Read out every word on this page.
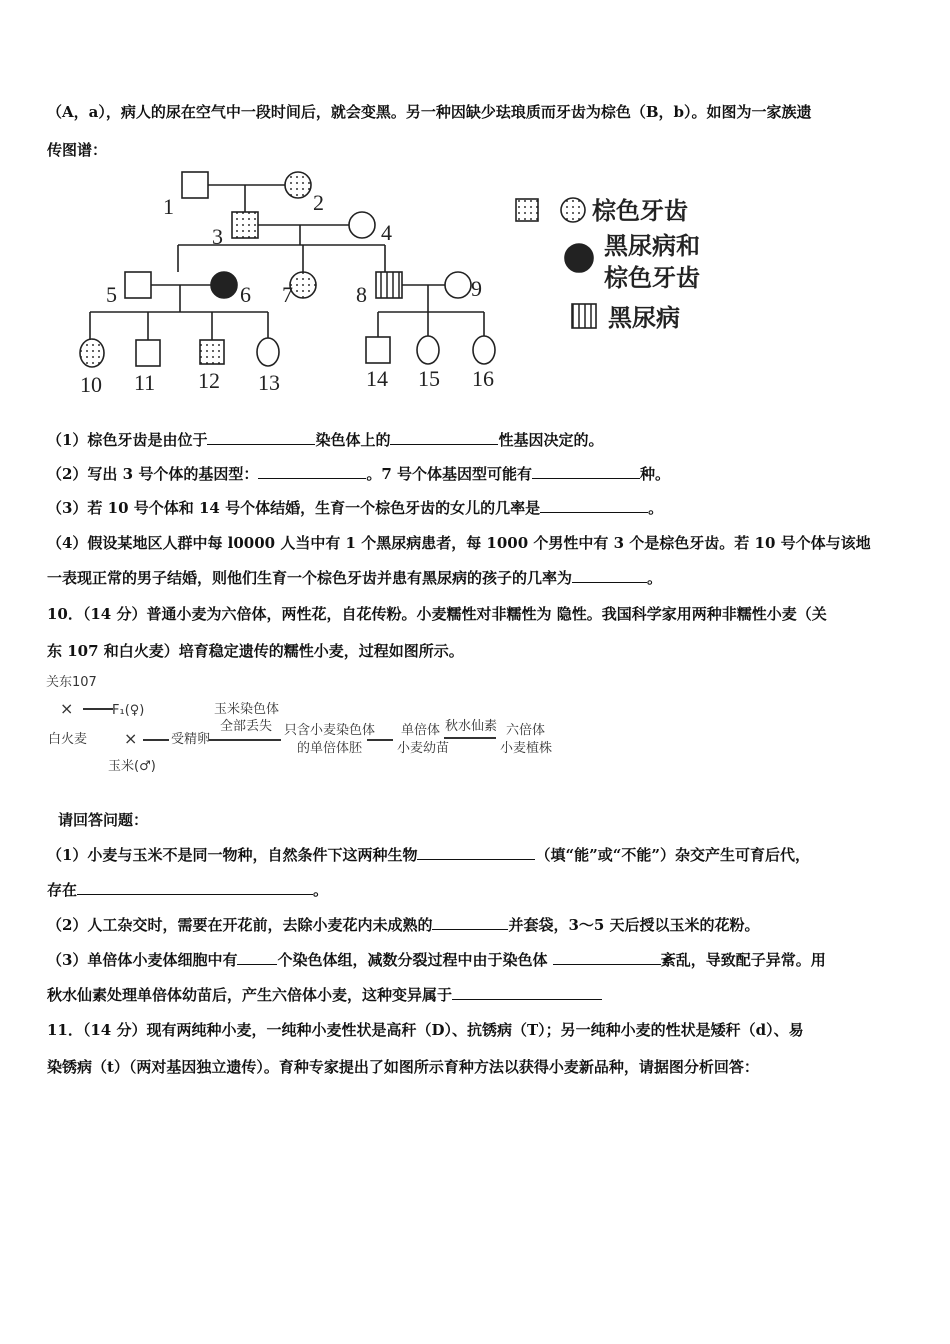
（A，a），病人的尿在空气中一段时间后，就会变黑。另一种因缺少珐琅质而牙齿为棕色（B，b）。如图为一家族遗
传图谱：
1	2
3	4
5	6 7	8	9
10 11 12 13	14 15 16
棕色牙齿
黑尿病和
棕色牙齿
黑尿病
（1）棕色牙齿是由位于	染色体上的	性基因决定的。
（2）写出 3 号个体的基因型：	。7 号个体基因型可能有	种。
（3）若 10 号个体和 14 号个体结婚，生育一个棕色牙齿的女儿的几率是	。
（4）假设某地区人群中每 l0000 人当中有 1 个黑尿病患者，每 1000 个男性中有 3 个是棕色牙齿。若 10 号个体与该地
一表现正常的男子结婚，则他们生育一个棕色牙齿并患有黑尿病的孩子的几率为	。
10．（14 分）普通小麦为六倍体，两性花，自花传粉。小麦糯性对非糯性为 隐性。我国科学家用两种非糯性小麦（关
东 107 和白火麦）培育稳定遗传的糯性小麦，过程如图所示。
关东107
×	F₁(♀)
白火麦 ×	受精卵
玉米(♂)
玉米染色体
全部丢失 只含小麦染色体
的单倍体胚
单倍体
小麦幼苗
秋水仙素 六倍体
小麦植株
请回答问题：
（1）小麦与玉米不是同一物种，自然条件下这两种生物	（填“能”或“不能”）杂交产生可育后代，
存在	。
（2）人工杂交时，需要在开花前，去除小麦花内未成熟的	并套袋，3～5 天后授以玉米的花粉。
（3）单倍体小麦体细胞中有	个染色体组，减数分裂过程中由于染色体	紊乱，导致配子异常。用
秋水仙素处理单倍体幼苗后，产生六倍体小麦，这种变异属于
11．（14 分）现有两纯种小麦，一纯种小麦性状是高秆（D）、抗锈病（T）；另一纯种小麦的性状是矮秆（d）、易
染锈病（t）（两对基因独立遗传）。育种专家提出了如图所示育种方法以获得小麦新品种，请据图分析回答：
